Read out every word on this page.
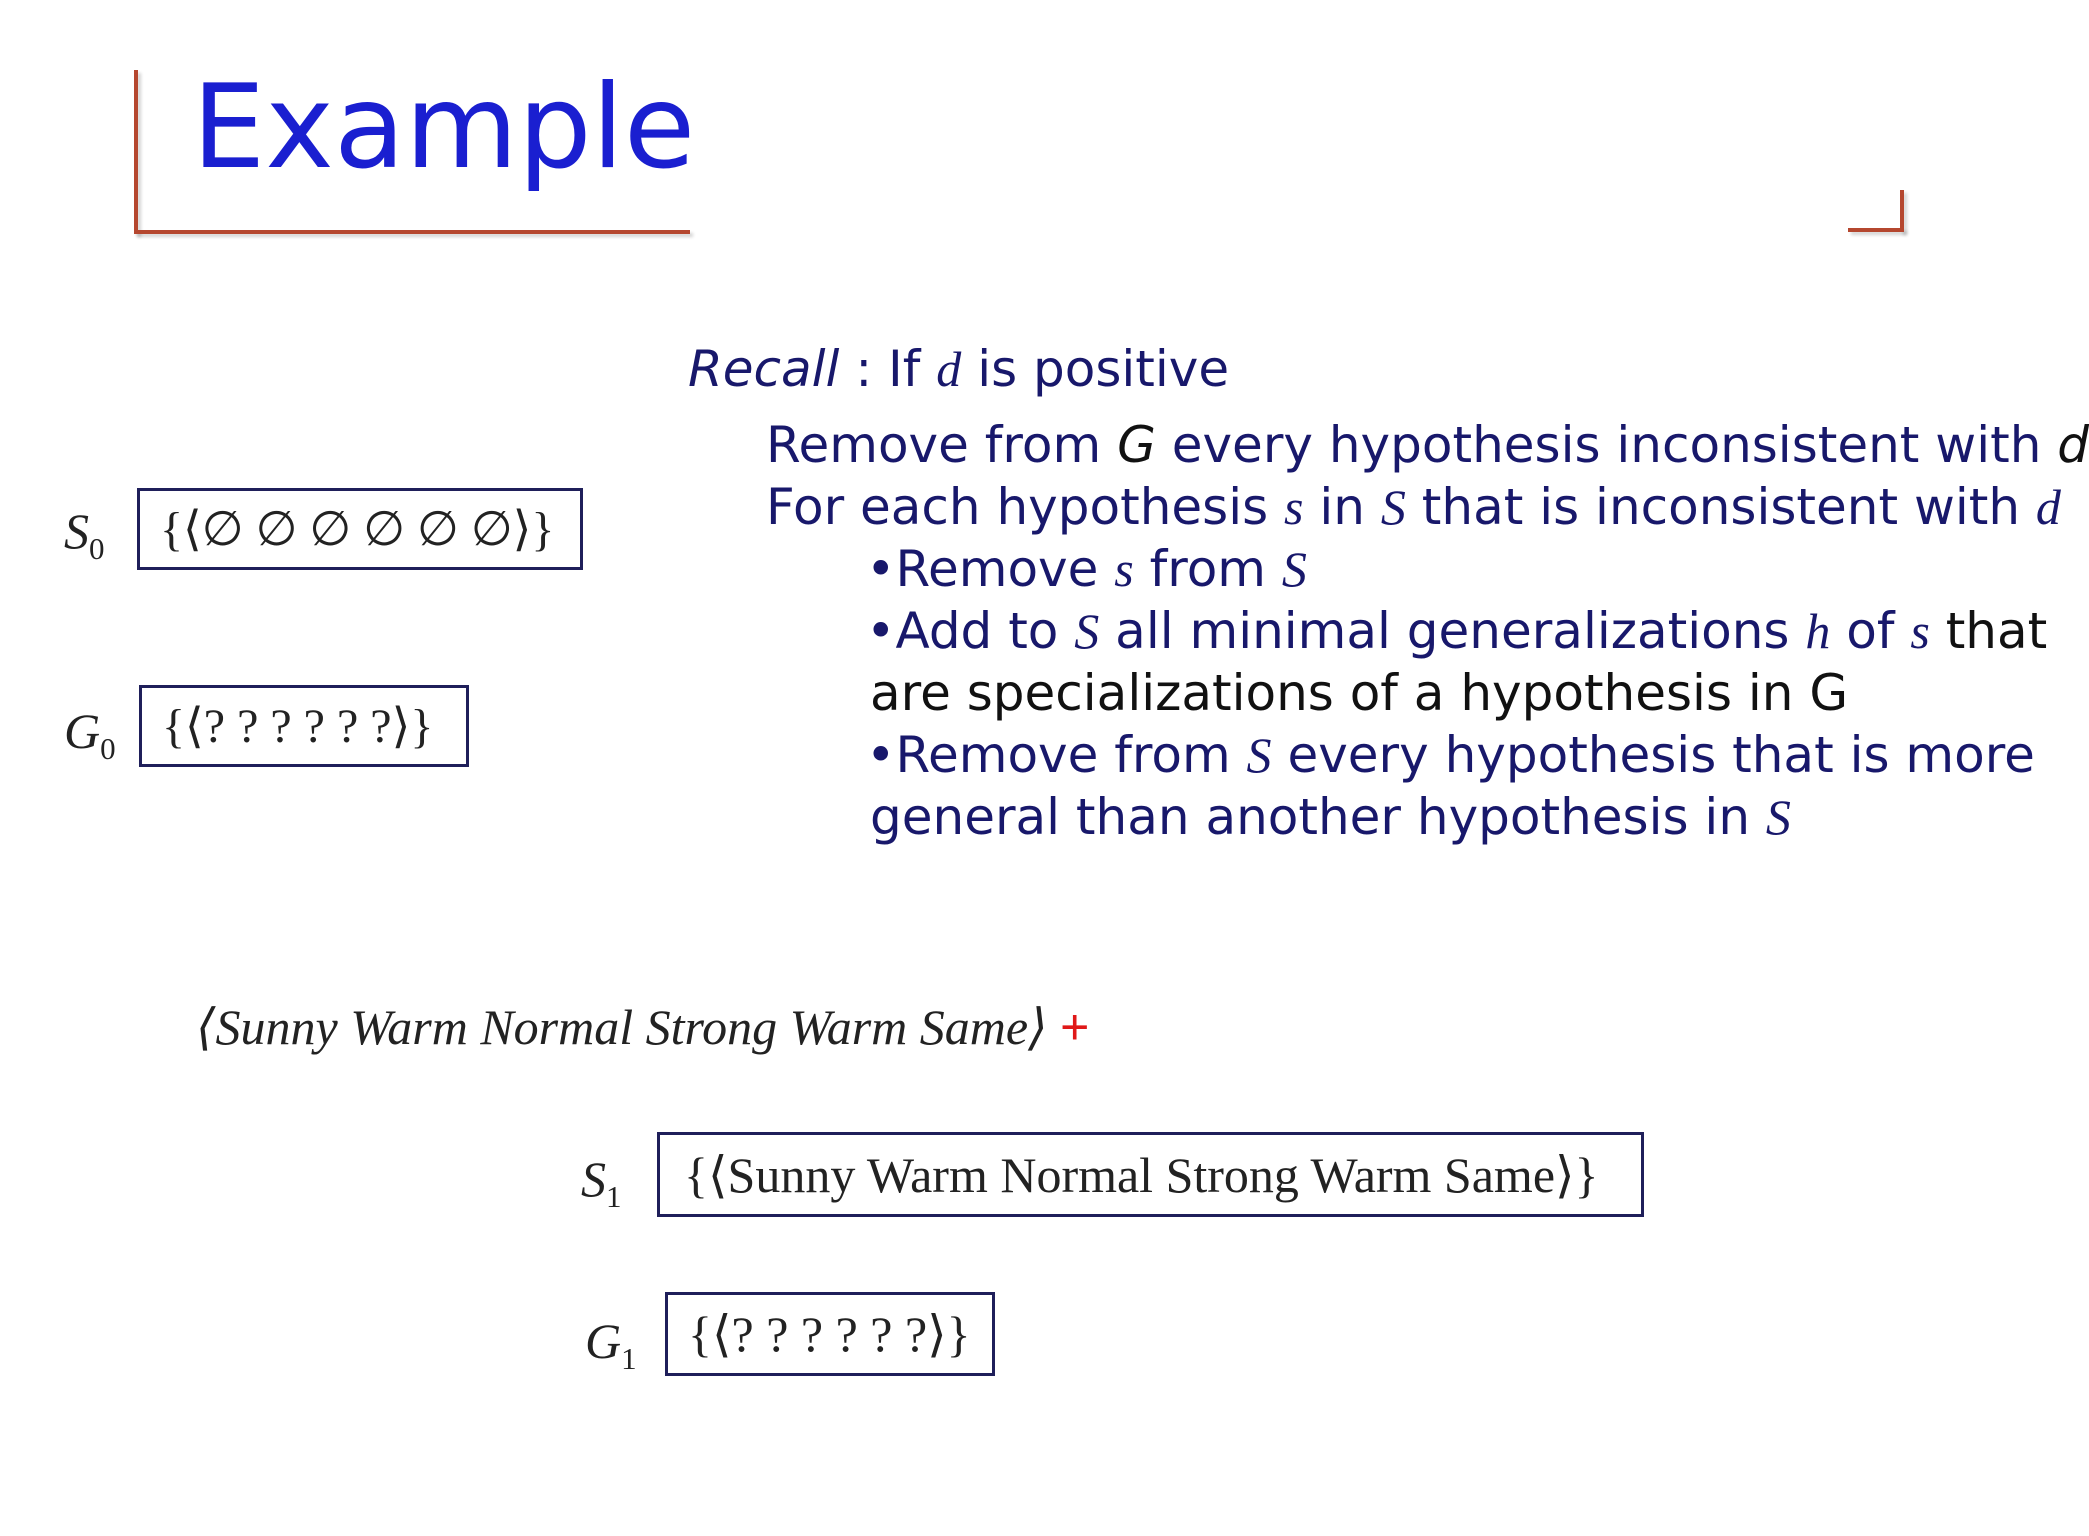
Example
Recall : If d is positive
Remove from G every hypothesis inconsistent with d
For each hypothesis s in S that is inconsistent with d
•Remove s from S
•Add to S all minimal generalizations h of s that
are specializations of a hypothesis in G
•Remove from S every hypothesis that is more
general than another hypothesis in S
$S_0$ {⟨∅ ∅ ∅ ∅ ∅ ∅⟩}
$G_0$ {⟨? ? ? ? ? ?⟩}
⟨Sunny Warm Normal Strong Warm Same⟩ +
$S_1$ {⟨Sunny Warm Normal Strong Warm Same⟩}
$G_1$ {⟨? ? ? ? ? ?⟩}
